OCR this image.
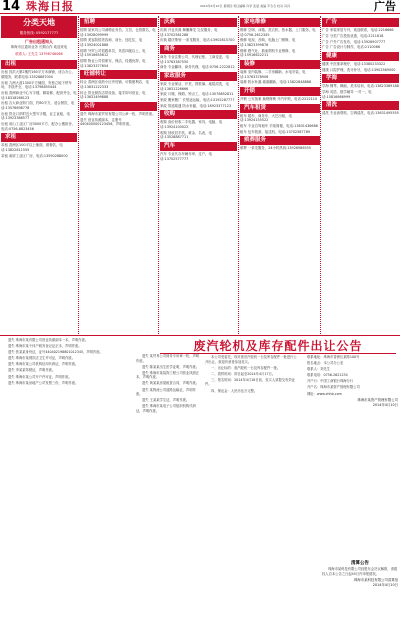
14 珠海日报	2014年4月10日 星期四 责任编辑 许学 张楚 美编 平冬冬 校对 冯冯	广告
分类天地
服务热线: 0592177777
广告出租通知人
珠海市区通用业务 长期合作 欢迎来电
联系人: 王先生 13798746066
出租

出租 昌洪大厦2楼约160平方米商铺，适合办公、做服务，联系电话:13528887000

出租 九洲大道1300平方铺面，有独立地下停车场，手续齐全，电话:13798855444

出租 香洲商业中心写字楼，精装修，配套齐全，电话:18318266123

出租 吉大商业街门面，约80平方，适合餐饮，电话:13576698778

出租 拱北口岸附近大型写字楼，业主直租，电话:13923366577

出租 前山工业区厂房3000平方，配办公楼宿舍，电话:0756-8823456

求租

求租 香洲区100平以上铺面，做餐饮，电话:13822811555

求租 南屏工业区厂房，电话:13590288000

招聘

招聘 某家具公司诚聘业务员、文员、仓管数名，电话:13928099999

招聘 美容院招美容师、前台，包吃住，电话:13924001888

招聘 外贸公司招跟单员，英语四级以上，电话:15916655612

招聘 物业公司招保安、保洁，待遇优厚，电话:13823377654

旺铺转让

转让 香洲区成熟小区旁旺铺，可做便利店，电话:13631222333

转让 拱北餐饮店带设备，接手即可营业，电话:13631499888

公告

遗失 珠海市某贸易有限公司公章一枚，声明作废。

遗失 营业执照副本，注册号440400000123456，声明作废。

庆典

庆典 开业庆典 舞狮舞龙 礼仪服务，电话:13702581288

庆典 婚庆策划 一条龙服务，电话:13902815700

商务

商务 专业注册公司、代理记账、工商变更，电话:13763387550

商务 专业翻译、商务代理，电话:0756-2222812

家政服务

家政 专业保洁、开荒、擦玻璃、地毯清洗，电话:13631226666

家政 月嫂、保姆、钟点工，电话:13076852811

家政 搬家搬厂 长短途运输，电话:13192287777

家政 管道疏通 防水补漏，电话:18923377123

收购

收购 高价回收二手电器、家具、电脑，电话:13924100022

收购 回收旧手机、黄金、名表，电话:13528887711

汽车

汽车 专业代办车辆年审、过户，电话:13702577777

家电维修

维修 空调、冰箱、洗衣机、热水器，上门服务，电话:0756-2612345

维修 电视、音响、电脑上门维修，电话:13823399876

维修 燃气灶、抽油烟机专业维修，电话:15916622211

装修

装修 室内装修、二手房翻新、水电安装，电话:13763378906

装修 防水补漏 墙面翻新，电话:13822848888

开锁

开锁 公安备案 换锁修锁 开汽车锁，电话:2222110

汽车租赁

租车 婚车、商务车、大巴出租，电话:13924155522

租车 专业自驾租车 手续简便，电话:13631436666

租车 包车旅游、接送机，电话:13702587789

殡葬服务

殡葬 一条龙服务，24小时热线:13926986555

广告

广告 家装家居专刊，欢迎联系，电话:2216666

广告 分类广告投放优惠，电话:2211818

广告 户外广告发布，电话:13926907777

广告 广告设计与制作，电话:2110066

健康

健康 中医推拿理疗，电话:13380233322

健康 口腔护理、洗牙补牙，电话:13902569000

学海

学海 钢琴、舞蹈、美术培训，电话:13823389188

学海 英语、数学辅导 一对一，电话:15816666999

清洗

清洗 专业油烟机、空调清洗，电话:13631495555

遗失 珠海市某有限公司营业执照副本一本，声明作废。

遗失 珠海市某个体户税务登记证正本，声明作废。

遗失 张某某身份证，证号440402198801012345，声明作废。

遗失 珠海市某餐饮店卫生许可证，声明作废。

遗失 珠海市某公司机构信用代码证，声明作废。

遗失 李某某驾驶证，声明作废。

遗失 珠海市某公司开户许可证，声明作废。

遗失 珠海市某房地产公司发票三份，声明作废。

废汽轮机及库存配件出让公告

遗失 某贸易公司财务专用章一枚，声明作废。

遗失 陈某某出生医学证明，声明作废。

遗失 珠海市某装饰工程公司营业执照正本，声明作废。

遗失 黄某某房屋租赁合同，声明作废。

遗失 某物流公司道路运输证，声明作废。

遗失 王某某学生证，声明作废。

遗失 珠海市某电子公司组织机构代码证，声明作废。

本公司受委托，现对废旧汽轮机一台及库存配件一批进行公开出让，欢迎有意者参加竞买。

一、出让标的：废汽轮机一台及库存配件一批。

二、看样时间：即日起至2014年4月17日。

三、报名时间：2014年4月18日前，竞买人须提交有效证件。

四、保证金：人民币伍万元整。

联系地址：珠海市香洲区某路100号

报名地点：本公司办公室

联系人：刘先生

联系电话：0756-2621234

开户行：中国工商银行珠海分行

开户名：珠海市某资产管理有限公司

网址：www.zhhb.com

珠海市某资产管理有限公司

2014年4月10日

清算公告

珠海市某科技有限公司经股东会决议解散，请债权人自本公告之日起45日内申报债权。

珠海市某科技有限公司清算组

2014年4月10日
